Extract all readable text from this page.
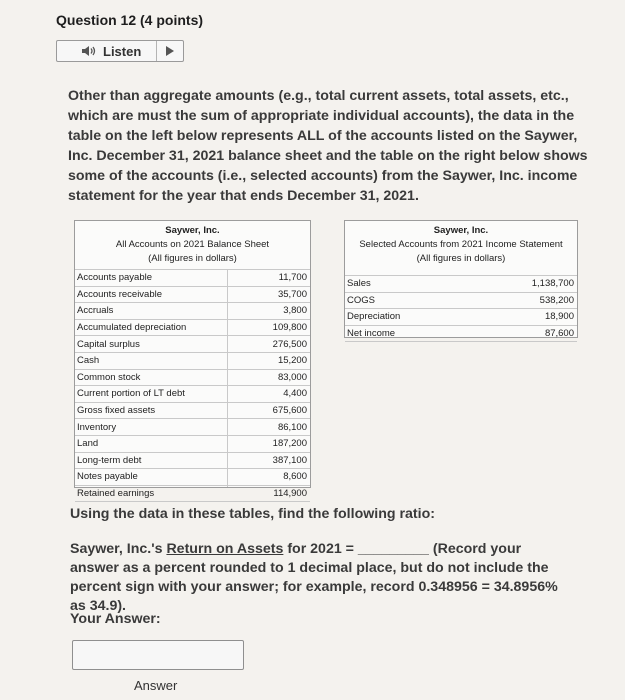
Question 12 (4 points)
Listen

Other than aggregate amounts (e.g., total current assets, total assets, etc., which are must the sum of appropriate individual accounts), the data in the table on the left below represents ALL of the accounts listed on the Saywer, Inc. December 31, 2021 balance sheet and the table on the right below shows some of the accounts (i.e., selected accounts) from the Saywer, Inc. income statement for the year that ends December 31, 2021.

Saywer, Inc.
All Accounts on 2021 Balance Sheet
(All figures in dollars)
Accounts payable	11,700
Accounts receivable	35,700
Accruals	3,800
Accumulated depreciation	109,800
Capital surplus	276,500
Cash	15,200
Common stock	83,000
Current portion of LT debt	4,400
Gross fixed assets	675,600
Inventory	86,100
Land	187,200
Long-term debt	387,100
Notes payable	8,600
Retained earnings	114,900
Saywer, Inc.
Selected Accounts from 2021 Income Statement
(All figures in dollars)
Sales	1,138,700
COGS	538,200
Depreciation	18,900
Net income	87,600
Using the data in these tables, find the following ratio:

Saywer, Inc.'s Return on Assets for 2021 = _________ (Record your answer as a percent rounded to 1 decimal place, but do not include the percent sign with your answer; for example, record 0.348956 = 34.8956% as 34.9).

Your Answer:
Answer
